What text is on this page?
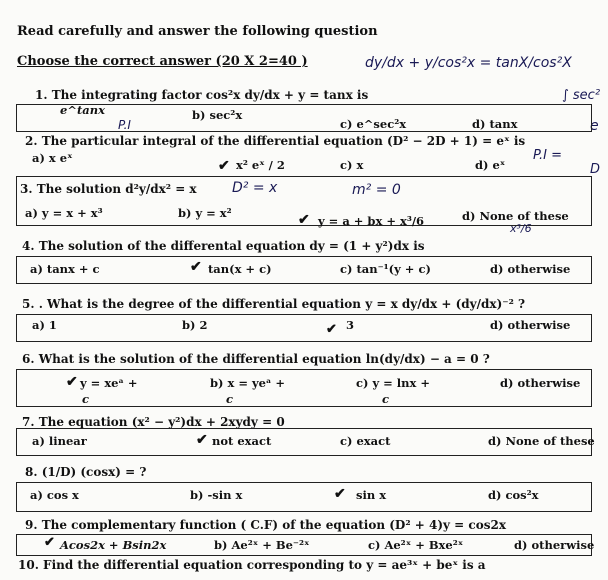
Read carefully and answer the following question
Choose the correct answer (20 X 2=40 )	dy/dx + y/cos²x = tanX/cos²X
∫ sec²
e
1. The integrating factor cos²x dy/dx + y = tanx is
e^tanx	b) sec²x
c) e^sec²x	d) tanx
2. The particular integral of the differential equation (D² − 2D + 1) = eˣ is
P.I
a) x eˣ	✔ x² eˣ / 2	c) x	d) eˣ
P.I =
D
3. The solution d²y/dx² = x	D² = x	m² = 0
a) y = x + x³	b) y = x²	✔ y = a + bx + x³/6	d) None of these
x³/6
4. The solution of the differental equation dy = (1 + y²)dx is
a) tanx + c	✔ tan(x + c)	c) tan⁻¹(y + c)	d) otherwise
5. . What is the degree of the differential equation y = x dy/dx + (dy/dx)⁻² ?
a) 1	b) 2	✔ 3	d) otherwise
6. What is the solution of the differential equation ln(dy/dx) − a = 0 ?
✔ y = xeᵃ +
c
b) x = yeᵃ +
c
c) y = lnx +
c
d) otherwise
7. The equation (x² − y²)dx + 2xydy = 0
a) linear	✔ not exact	c) exact	d) None of these
8. (1/D) (cosx) = ?
a) cos x	b) -sin x	✔ sin x	d) cos²x
9. The complementary function ( C.F) of the equation (D² + 4)y = cos2x
✔ Acos2x + Bsin2x	b) Ae²ˣ + Be⁻²ˣ	c) Ae²ˣ + Bxe²ˣ	d) otherwise
10. Find the differential equation corresponding to y = ae³ˣ + beˣ is a
